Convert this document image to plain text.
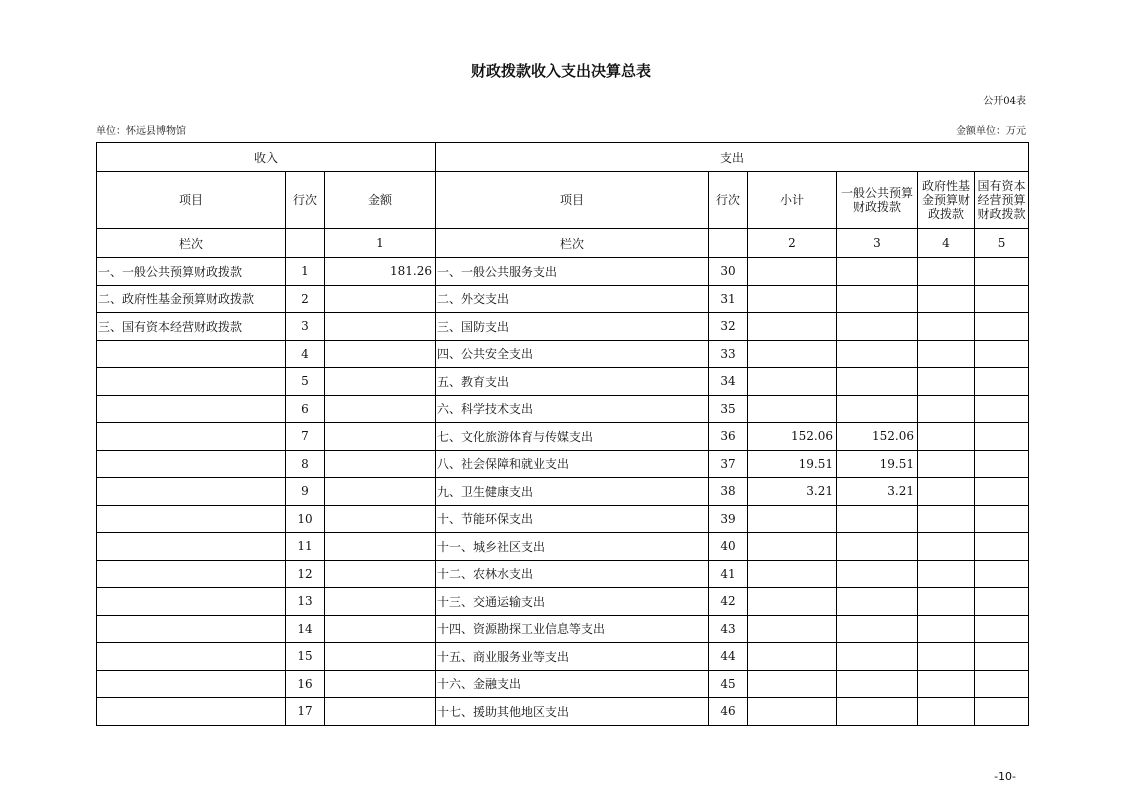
财政拨款收入支出决算总表
公开04表
单位：怀远县博物馆	金额单位：万元
收入			支出					
项目	行次	金额	项目	行次	小计	一般公共预算财政拨款	政府性基金预算财政拨款	国有资本经营预算财政拨款
栏次		1	栏次		2	3	4	5
一、一般公共预算财政拨款	1	181.26	一、一般公共服务支出	30				
二、政府性基金预算财政拨款	2		二、外交支出	31				
三、国有资本经营财政拨款	3		三、国防支出	32				
	4		四、公共安全支出	33				
	5		五、教育支出	34				
	6		六、科学技术支出	35				
	7		七、文化旅游体育与传媒支出	36	152.06	152.06		
	8		八、社会保障和就业支出	37	19.51	19.51		
	9		九、卫生健康支出	38	3.21	3.21		
	10		十、节能环保支出	39				
	11		十一、城乡社区支出	40				
	12		十二、农林水支出	41				
	13		十三、交通运输支出	42				
	14		十四、资源勘探工业信息等支出	43				
	15		十五、商业服务业等支出	44				
	16		十六、金融支出	45				
	17		十七、援助其他地区支出	46				
-10-
